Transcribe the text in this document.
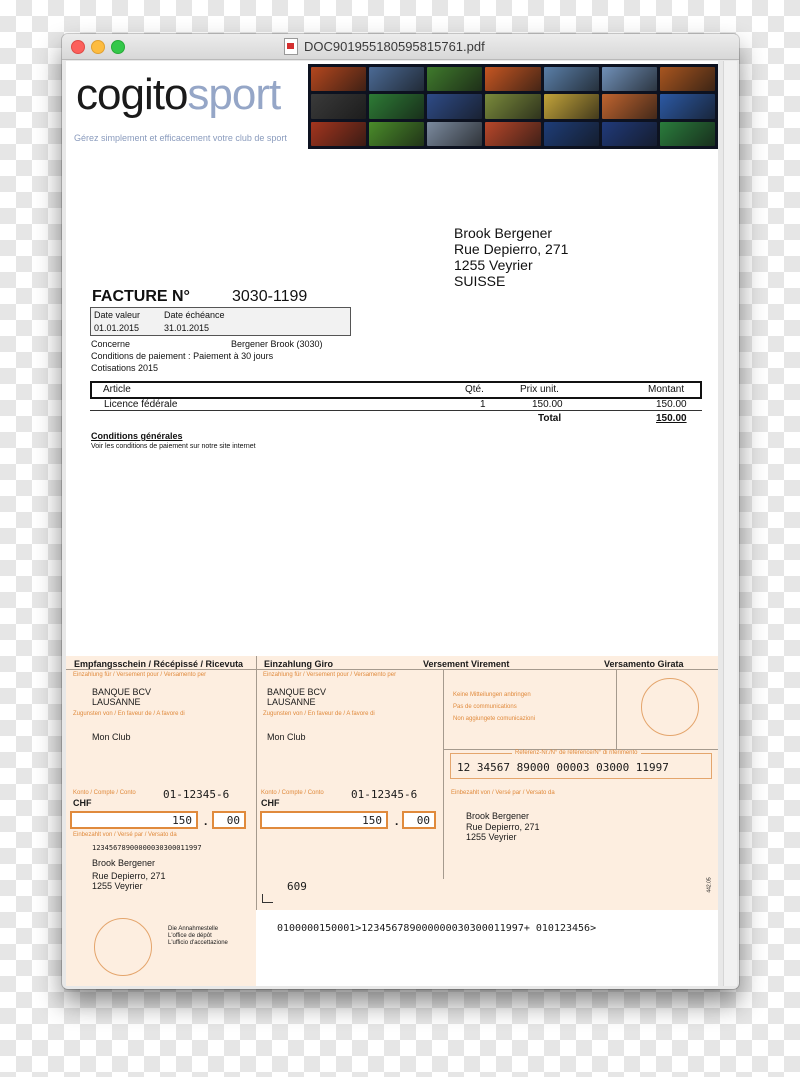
DOC901955180595815761.pdf
cogitosport
Gérez simplement et efficacement votre club de sport
Brook Bergener
Rue Depierro, 271
1255 Veyrier
SUISSE
FACTURE N°	3030-1199
Date valeur	Date échéance
01.01.2015	31.01.2015
Concerne	Bergener Brook (3030)
Conditions de paiement : Paiement à 30 jours
Cotisations 2015
Article	Qté.	Prix unit.	Montant
Licence fédérale	1	150.00	150.00
Total	150.00
Conditions générales
Voir les conditions de paiement sur notre site internet
Empfangsschein / Récépissé / Ricevuta Einzahlung Giro	Versement Virement	Versamento Girata
Einzahlung für / Versement pour / Versamento per	Einzahlung für / Versement pour / Versamento per
BANQUE BCV
LAUSANNE
BANQUE BCV
LAUSANNE
Zugunsten von / En faveur de / A favore di	Zugunsten von / En faveur de / A favore di
Mon Club	Mon Club
Keine Mitteilungen anbringen
Pas de communications
Non aggiungete comunicazioni
Referenz-Nr./N° de référence/N° di riferimento
12 34567 89000 00003 03000 11997
Konto / Compte / Conto 01-12345-6
CHF
Konto / Compte / Conto 01-12345-6
CHF
Einbezahlt von / Versé par / Versato da
150	.	00	150	.	00	Brook Bergener
Rue Depierro, 271
1255 Veyrier
Einbezahlt von / Versé par / Versato da
12345678900000030300011997
Brook Bergener
Rue Depierro, 271
1255 Veyrier	609	442.05
0100000150001>123456789000000030300011997+ 010123456>
Die Annahmestelle
L'office de dépôt
L'ufficio d'accettazione
